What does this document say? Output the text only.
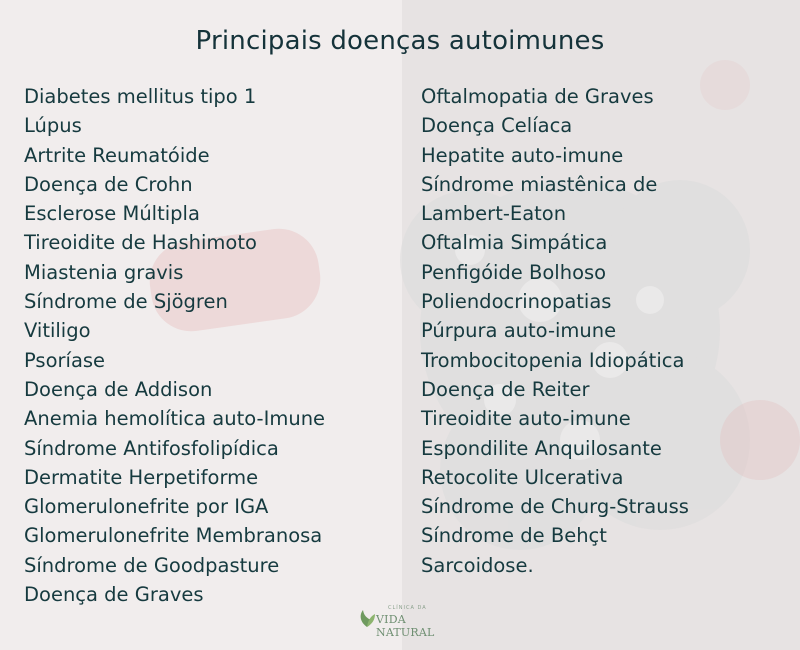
Principais doenças autoimunes
Diabetes mellitus tipo 1
Lúpus
Artrite Reumatóide
Doença de Crohn
Esclerose Múltipla
Tireoidite de Hashimoto
Miastenia gravis
Síndrome de Sjögren
Vitiligo
Psoríase
Doença de Addison
Anemia hemolítica auto-Imune
Síndrome Antifosfolipídica
Dermatite Herpetiforme
Glomerulonefrite por IGA
Glomerulonefrite Membranosa
Síndrome de Goodpasture
Doença de Graves
Oftalmopatia de Graves
Doença Celíaca
Hepatite auto-imune
Síndrome miastênica de
Lambert-Eaton
Oftalmia Simpática
Penfigóide Bolhoso
Poliendocrinopatias
Púrpura auto-imune
Trombocitopenia Idiopática
Doença de Reiter
Tireoidite auto-imune
Espondilite Anquilosante
Retocolite Ulcerativa
Síndrome de Churg-Strauss
Síndrome de Behçt
Sarcoidose.
CLÍNICA DA
VIDA NATURAL
